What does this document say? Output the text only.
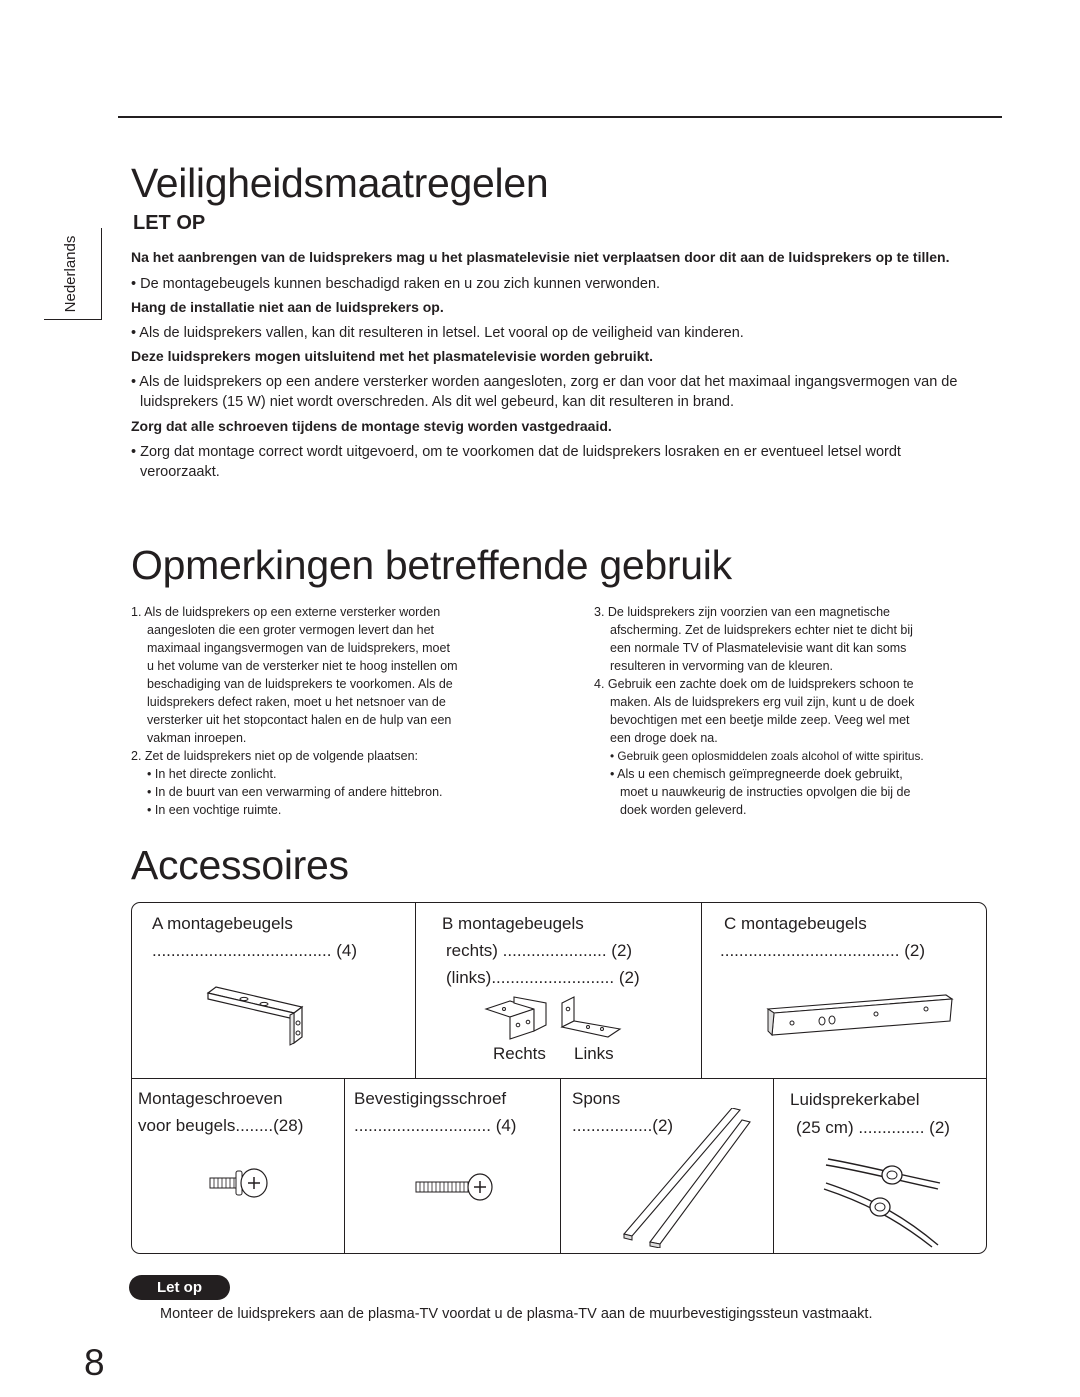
Nederlands
Veiligheidsmaatregelen
LET OP
Na het aanbrengen van de luidsprekers mag u het plasmatelevisie niet verplaatsen door dit aan de luidsprekers op te tillen.
• De montagebeugels kunnen beschadigd raken en u zou zich kunnen verwonden.
Hang de installatie niet aan de luidsprekers op.
• Als de luidsprekers vallen, kan dit resulteren in letsel. Let vooral op de veiligheid van kinderen.
Deze luidsprekers mogen uitsluitend met het plasmatelevisie worden gebruikt.
• Als de luidsprekers op een andere versterker worden aangesloten, zorg er dan voor dat het maximaal ingangsvermogen van de luidsprekers (15 W) niet wordt overschreden. Als dit wel gebeurd, kan dit resulteren in brand.
Zorg dat alle schroeven tijdens de montage stevig worden vastgedraaid.
• Zorg dat montage correct wordt uitgevoerd, om te voorkomen dat de luidsprekers losraken en er eventueel letsel wordt veroorzaakt.
Opmerkingen betreffende gebruik

1. Als de luidsprekers op een externe versterker worden

aangesloten die een groter vermogen levert dan het

maximaal ingangsvermogen van de luidsprekers, moet

u het volume van de versterker niet te hoog instellen om

beschadiging van de luidsprekers te voorkomen. Als de

luidsprekers defect raken, moet u het netsnoer van de

versterker uit het stopcontact halen en de hulp van een

vakman inroepen.

2. Zet de luidsprekers niet op de volgende plaatsen:

• In het directe zonlicht.

• In de buurt van een verwarming of andere hittebron.

• In een vochtige ruimte.

3. De luidsprekers zijn voorzien van een magnetische

afscherming. Zet de luidsprekers echter niet te dicht bij

een normale TV of Plasmatelevisie want dit kan soms

resulteren in vervorming van de kleuren.

4. Gebruik een zachte doek om de luidsprekers schoon te

maken. Als de luidsprekers erg vuil zijn, kunt u de doek

bevochtigen met een beetje milde zeep. Veeg wel met

een droge doek na.

• Gebruik geen oplosmiddelen zoals alcohol of witte spiritus.

• Als u een chemisch geïmpregneerde doek gebruikt,

moet u nauwkeurig de instructies opvolgen die bij de

doek worden geleverd.

Accessoires
A montagebeugels
...................................... (4)
B montagebeugels
rechts) ...................... (2)
(links).......................... (2)
Rechts Links
C montagebeugels
...................................... (2)
Montageschroeven
voor beugels........(28)
Bevestigingsschroef
............................. (4)
Spons
.................(2)
Luidsprekerkabel
(25 cm) .............. (2)
Let op
Monteer de luidsprekers aan de plasma-TV voordat u de plasma-TV aan de muurbevestigingssteun vastmaakt.
8
